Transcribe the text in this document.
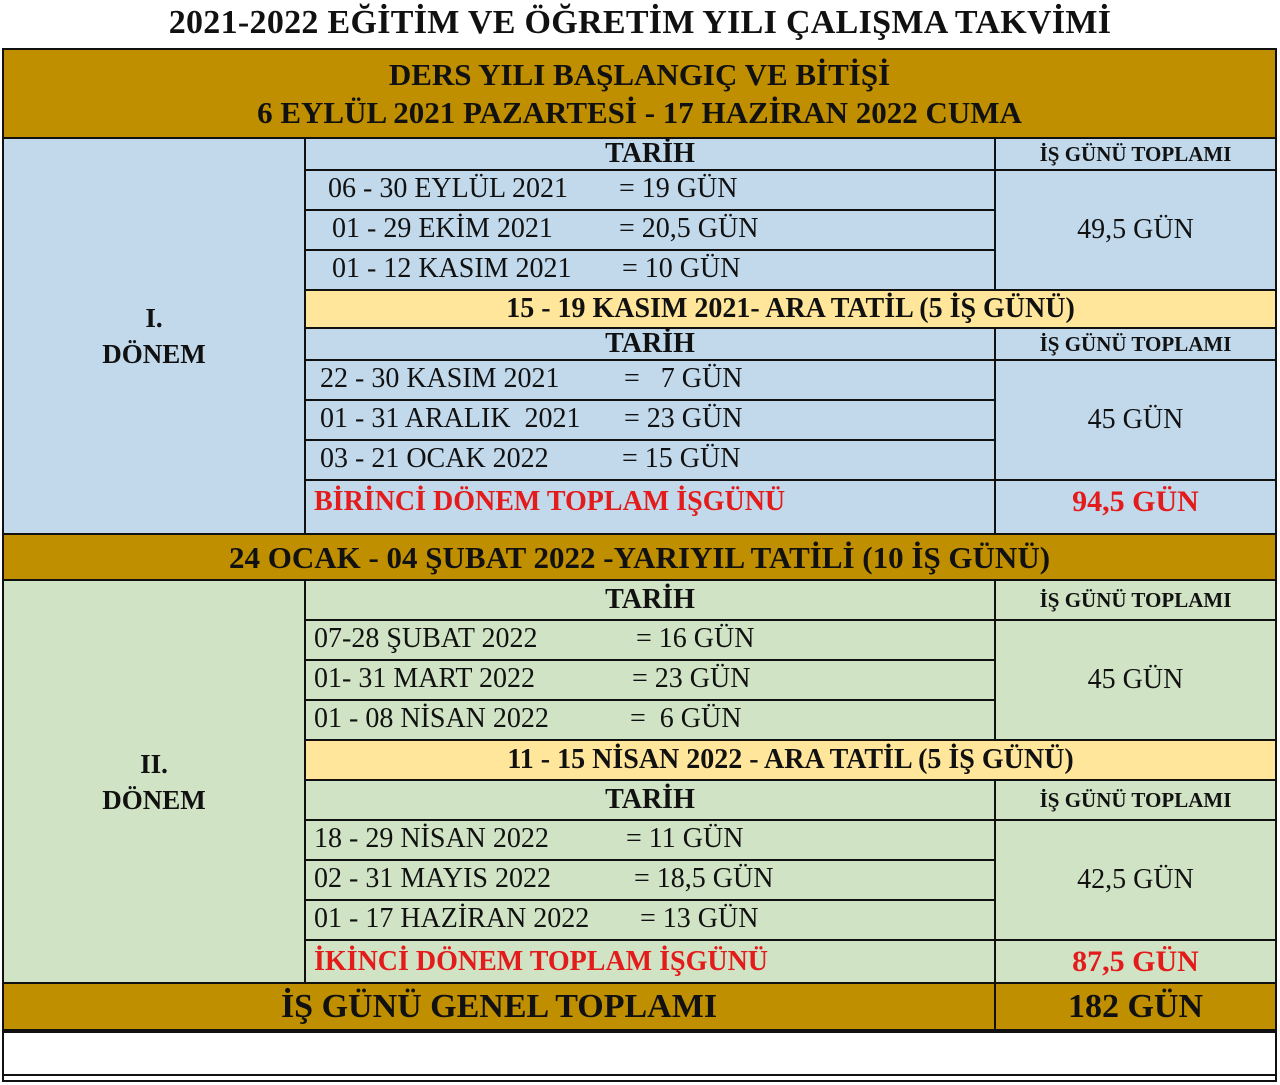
2021-2022 EĞİTİM VE ÖĞRETİM YILI ÇALIŞMA TAKVİMİ
DERS YILI BAŞLANGIÇ VE BİTİŞİ
6 EYLÜL 2021 PAZARTESİ - 17 HAZİRAN 2022 CUMA
I.
DÖNEM
TARİH	İŞ GÜNÜ TOPLAMI
06 - 30 EYLÜL 2021 = 19 GÜN
01 - 29 EKİM 2021 = 20,5 GÜN
01 - 12 KASIM 2021 = 10 GÜN
49,5 GÜN
15 - 19 KASIM 2021- ARA TATİL (5 İŞ GÜNÜ)
TARİH	İŞ GÜNÜ TOPLAMI
22 - 30 KASIM 2021 =   7 GÜN
01 - 31 ARALIK  2021 = 23 GÜN
03 - 21 OCAK 2022	= 15 GÜN
45 GÜN
BİRİNCİ DÖNEM TOPLAM İŞGÜNÜ	94,5 GÜN
24 OCAK - 04 ŞUBAT 2022 -YARIYIL TATİLİ (10 İŞ GÜNÜ)
II.
DÖNEM
TARİH	İŞ GÜNÜ TOPLAMI
07-28 ŞUBAT 2022	= 16 GÜN
01- 31 MART 2022	= 23 GÜN
01 - 08 NİSAN 2022	=  6 GÜN
45 GÜN
11 - 15 NİSAN 2022 - ARA TATİL (5 İŞ GÜNÜ)
TARİH	İŞ GÜNÜ TOPLAMI
18 - 29 NİSAN 2022	= 11 GÜN
02 - 31 MAYIS 2022	= 18,5 GÜN
01 - 17 HAZİRAN 2022 = 13 GÜN
42,5 GÜN
İKİNCİ DÖNEM TOPLAM İŞGÜNÜ	87,5 GÜN
İŞ GÜNÜ GENEL TOPLAMI	182 GÜN
